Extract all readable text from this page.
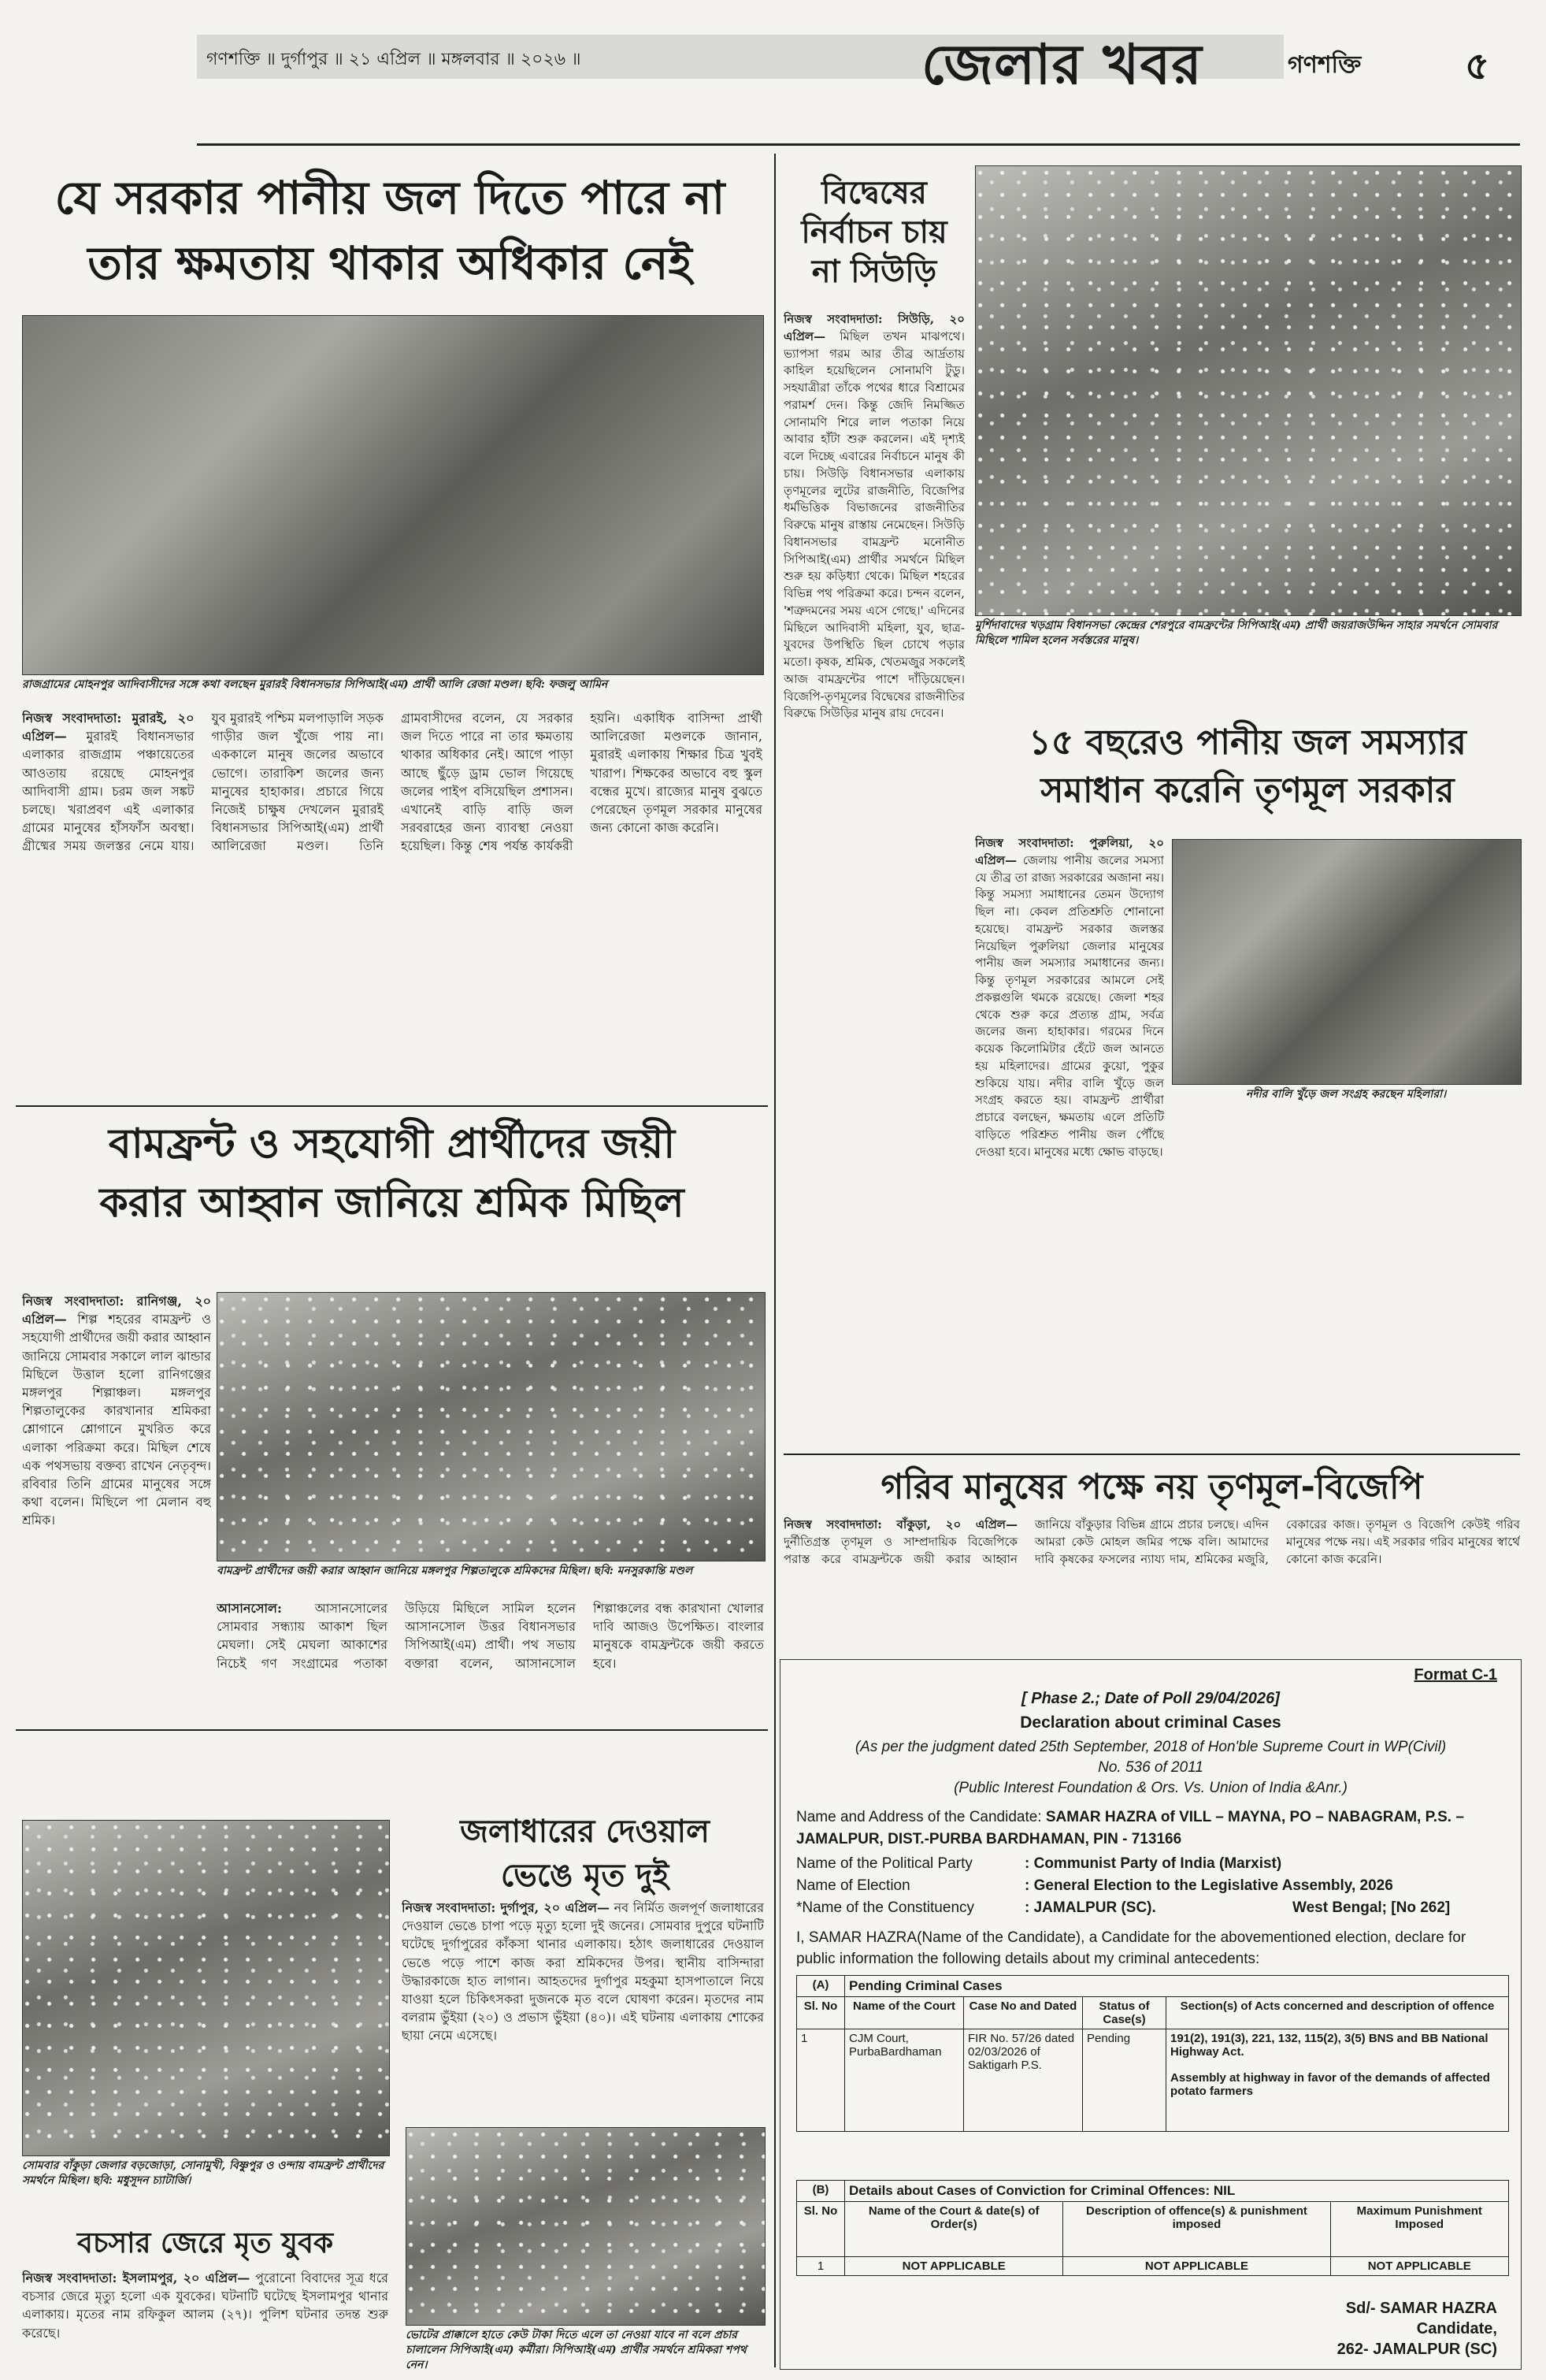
গণশক্তি ॥ দুর্গাপুর ॥ ২১ এপ্রিল ॥ মঙ্গলবার ॥ ২০২৬ ॥	জেলার খবর	গণশক্তি	৫
যে সরকার পানীয় জল দিতে পারে না
তার ক্ষমতায় থাকার অধিকার নেই
রাজগ্রামের মোহনপুর আদিবাসীদের সঙ্গে কথা বলছেন মুরারই বিধানসভার সিপিআই(এম) প্রার্থী আলি রেজা মণ্ডল। ছবি: ফজলু আমিন
নিজস্ব সংবাদদাতা: মুরারই, ২০ এপ্রিল— মুরারই বিধানসভার এলাকার রাজগ্রাম পঞ্চায়েতের আওতায় রয়েছে মোহনপুর আদিবাসী গ্রাম। চরম জল সঙ্কট চলছে। খরাপ্রবণ এই এলাকার গ্রামের মানুষের হাঁসফাঁস অবস্থা। গ্রীষ্মের সময় জলস্তর নেমে যায়। যুব মুরারই পশ্চিম মলপাড়ালি সড়ক গাড়ীর জল খুঁজে পায় না। এককালে মানুষ জলের অভাবে ভোগে। তারাকিশ জলের জন্য মানুষের হাহাকার। প্রচারে গিয়ে নিজেই চাক্ষুষ দেখলেন মুরারই বিধানসভার সিপিআই(এম) প্রার্থী আলিরেজা মণ্ডল। তিনি গ্রামবাসীদের বলেন, যে সরকার জল দিতে পারে না তার ক্ষমতায় থাকার অধিকার নেই। আগে পাড়া আছে ছুঁড়ে ড্রাম ভোল গিয়েছে জলের পাইপ বসিয়েছিল প্রশাসন। এখানেই বাড়ি বাড়ি জল সরবরাহের জন্য ব্যাবস্থা নেওয়া হয়েছিল। কিন্তু শেষ পর্যন্ত কার্যকরী হয়নি। একাধিক বাসিন্দা প্রার্থী আলিরেজা মণ্ডলকে জানান, মুরারই এলাকায় শিক্ষার চিত্র খুবই খারাপ। শিক্ষকের অভাবে বহু স্কুল বন্ধের মুখে। রাজ্যের মানুষ বুঝতে পেরেছেন তৃণমূল সরকার মানুষের জন্য কোনো কাজ করেনি।
বামফ্রন্ট ও সহযোগী প্রার্থীদের জয়ী
করার আহ্বান জানিয়ে শ্রমিক মিছিল
নিজস্ব সংবাদদাতা: রানিগঞ্জ, ২০ এপ্রিল— শিল্প শহরের বামফ্রন্ট ও সহযোগী প্রার্থীদের জয়ী করার আহ্বান জানিয়ে সোমবার সকালে লাল ঝান্ডার মিছিলে উত্তাল হলো রানিগঞ্জের মঙ্গলপুর শিল্পাঞ্চল। মঙ্গলপুর শিল্পতালুকের কারখানার শ্রমিকরা শ্লোগানে শ্লোগানে মুখরিত করে এলাকা পরিক্রমা করে। মিছিল শেষে এক পথসভায় বক্তব্য রাখেন নেতৃবৃন্দ। রবিবার তিনি গ্রামের মানুষের সঙ্গে কথা বলেন। মিছিলে পা মেলান বহু শ্রমিক।
বামফ্রন্ট প্রার্থীদের জয়ী করার আহ্বান জানিয়ে মঙ্গলপুর শিল্পতালুকে শ্রমিকদের মিছিল। ছবি: মনসুরকান্তি মণ্ডল
আসানসোল:	আসানসোলের সোমবার সন্ধ্যায় আকাশ ছিল মেঘলা। সেই মেঘলা আকাশের নিচেই গণ সংগ্রামের পতাকা উড়িয়ে মিছিলে সামিল হলেন আসানসোল উত্তর বিধানসভার সিপিআই(এম) প্রার্থী। পথ সভায় বক্তারা বলেন, আসানসোল শিল্পাঞ্চলের বন্ধ কারখানা খোলার দাবি আজও উপেক্ষিত। বাংলার মানুষকে বামফ্রন্টকে জয়ী করতে হবে।
সোমবার বাঁকুড়া জেলার বড়জোড়া, সোনামুখী, বিষ্ণুপুর ও ওন্দায় বামফ্রন্ট প্রার্থীদের সমর্থনে মিছিল। ছবি: মধুসূদন চ্যাটার্জি।
বচসার জেরে মৃত যুবক
নিজস্ব সংবাদদাতা: ইসলামপুর, ২০ এপ্রিল— পুরোনো বিবাদের সূত্র ধরে বচসার জেরে মৃত্যু হলো এক যুবকের। ঘটনাটি ঘটেছে ইসলামপুর থানার এলাকায়। মৃতের নাম রফিকুল আলম (২৭)। পুলিশ ঘটনার তদন্ত শুরু করেছে।
জলাধারের দেওয়াল
ভেঙে মৃত দুই
নিজস্ব সংবাদদাতা: দুর্গাপুর, ২০ এপ্রিল— নব নির্মিত জলপূর্ণ জলাধারের দেওয়াল ভেঙে চাপা পড়ে মৃত্যু হলো দুই জনের। সোমবার দুপুরে ঘটনাটি ঘটেছে দুর্গাপুরের কাঁকসা থানার এলাকায়। হঠাৎ জলাধারের দেওয়াল ভেঙে পড়ে পাশে কাজ করা শ্রমিকদের উপর। স্থানীয় বাসিন্দারা উদ্ধারকাজে হাত লাগান। আহতদের দুর্গাপুর মহকুমা হাসপাতালে নিয়ে যাওয়া হলে চিকিৎসকরা দুজনকে মৃত বলে ঘোষণা করেন। মৃতদের নাম বলরাম ভুঁইয়া (২০) ও প্রভাস ভুঁইয়া (৪০)। এই ঘটনায় এলাকায় শোকের ছায়া নেমে এসেছে।
ভোটের প্রাক্কালে হাতে কেউ টাকা দিতে এলে তা নেওয়া যাবে না বলে প্রচার চালালেন সিপিআই(এম) কর্মীরা। সিপিআই(এম) প্রার্থীর সমর্থনে শ্রমিকরা শপথ নেন।
বিদ্বেষের
নির্বাচন চায়
না সিউড়ি
নিজস্ব সংবাদদাতা: সিউড়ি, ২০ এপ্রিল— মিছিল তখন মাঝপথে। ভ্যাপসা গরম আর তীব্র আর্দ্রতায় কাহিল হয়েছিলেন সোনামণি টুডু। সহযাত্রীরা তাঁকে পথের ধারে বিশ্রামের পরামর্শ দেন। কিন্তু জেদি নিমজ্জিত সোনামণি শিরে লাল পতাকা নিয়ে আবার হাঁটা শুরু করলেন। এই দৃশ্যই বলে দিচ্ছে এবারের নির্বাচনে মানুষ কী চায়। সিউড়ি বিধানসভার এলাকায় তৃণমূলের লুটের রাজনীতি, বিজেপির ধর্মভিত্তিক বিভাজনের রাজনীতির বিরুদ্ধে মানুষ রাস্তায় নেমেছেন। সিউড়ি বিধানসভার বামফ্রন্ট মনোনীত সিপিআই(এম) প্রার্থীর সমর্থনে মিছিল শুরু হয় কড়িধ্যা থেকে। মিছিল শহরের বিভিন্ন পথ পরিক্রমা করে। চন্দন বলেন, 'শত্রুদমনের সময় এসে গেছে।' এদিনের মিছিলে আদিবাসী মহিলা, যুব, ছাত্র-যুবদের উপস্থিতি ছিল চোখে পড়ার মতো। কৃষক, শ্রমিক, খেতমজুর সকলেই আজ বামফ্রন্টের পাশে দাঁড়িয়েছেন। বিজেপি-তৃণমূলের বিদ্বেষের রাজনীতির বিরুদ্ধে সিউড়ির মানুষ রায় দেবেন।
মুর্শিদাবাদের খড়গ্রাম বিধানসভা কেন্দ্রের শেরপুরে বামফ্রন্টের সিপিআই(এম) প্রার্থী জয়রাজউদ্দিন সাহার সমর্থনে সোমবার মিছিলে শামিল হলেন সর্বস্তরের মানুষ।
১৫ বছরেও পানীয় জল সমস্যার
সমাধান করেনি তৃণমূল সরকার
নিজস্ব সংবাদদাতা: পুরুলিয়া, ২০ এপ্রিল— জেলায় পানীয় জলের সমস্যা যে তীব্র তা রাজ্য সরকারের অজানা নয়। কিন্তু সমস্যা সমাধানের তেমন উদ্যোগ ছিল না। কেবল প্রতিশ্রুতি শোনানো হয়েছে। বামফ্রন্ট সরকার জলস্তর নিয়েছিল পুরুলিয়া জেলার মানুষের পানীয় জল সমস্যার সমাধানের জন্য। কিন্তু তৃণমূল সরকারের আমলে সেই প্রকল্পগুলি থমকে রয়েছে। জেলা শহর থেকে শুরু করে প্রত্যন্ত গ্রাম, সর্বত্র জলের জন্য হাহাকার। গরমের দিনে কয়েক কিলোমিটার হেঁটে জল আনতে হয় মহিলাদের। গ্রামের কুয়ো, পুকুর শুকিয়ে যায়। নদীর বালি খুঁড়ে জল সংগ্রহ করতে হয়। বামফ্রন্ট প্রার্থীরা প্রচারে বলছেন, ক্ষমতায় এলে প্রতিটি বাড়িতে পরিশ্রুত পানীয় জল পৌঁছে দেওয়া হবে। মানুষের মধ্যে ক্ষোভ বাড়ছে।
নদীর বালি খুঁড়ে জল সংগ্রহ করছেন মহিলারা।
গরিব মানুষের পক্ষে নয় তৃণমূল-বিজেপি
নিজস্ব সংবাদদাতা: বাঁকুড়া, ২০ এপ্রিল— দুর্নীতিগ্রস্ত তৃণমূল ও সাম্প্রদায়িক বিজেপিকে পরাস্ত করে বামফ্রন্টকে জয়ী করার আহ্বান জানিয়ে বাঁকুড়ার বিভিন্ন গ্রামে প্রচার চলছে। এদিন আমরা কেউ মোহল জমির পক্ষে বলি। আমাদের দাবি কৃষকের ফসলের ন্যায্য দাম, শ্রমিকের মজুরি, বেকারের কাজ। তৃণমূল ও বিজেপি কেউই গরিব মানুষের পক্ষে নয়। এই সরকার গরিব মানুষের স্বার্থে কোনো কাজ করেনি।
Format C-1
[ Phase 2.; Date of Poll 29/04/2026]
Declaration about criminal Cases
(As per the judgment dated 25th September, 2018 of Hon'ble Supreme Court in WP(Civil)
No. 536 of 2011
(Public Interest Foundation & Ors. Vs. Union of India &Anr.)
Name and Address of the Candidate: SAMAR HAZRA of VILL – MAYNA, PO – NABAGRAM, P.S. – JAMALPUR, DIST.-PURBA BARDHAMAN, PIN - 713166
Name of the Political Party	: Communist Party of India (Marxist)
Name of Election	: General Election to the Legislative Assembly, 2026
*Name of the Constituency	: JAMALPUR (SC).	West Bengal; [No 262]
I, SAMAR HAZRA(Name of the Candidate), a Candidate for the abovementioned election, declare for public information the following details about my criminal antecedents:
(A)	Pending Criminal Cases			
Sl. No	Name of the Court	Case No and Dated	Status of Case(s)	Section(s) of Acts concerned and description of offence
1	CJM Court, PurbaBardhaman	FIR No. 57/26 dated 02/03/2026 of Saktigarh P.S.	Pending	191(2), 191(3), 221, 132, 115(2), 3(5) BNS and BB National Highway Act.
Assembly at highway in favor of the demands of affected potato farmers
(B)	Details about Cases of Conviction for Criminal Offences: NIL		
Sl. No	Name of the Court & date(s) of Order(s)	Description of offence(s) & punishment imposed	Maximum Punishment Imposed
1	NOT APPLICABLE	NOT APPLICABLE	NOT APPLICABLE
Sd/- SAMAR HAZRA
Candidate,
262- JAMALPUR (SC)
